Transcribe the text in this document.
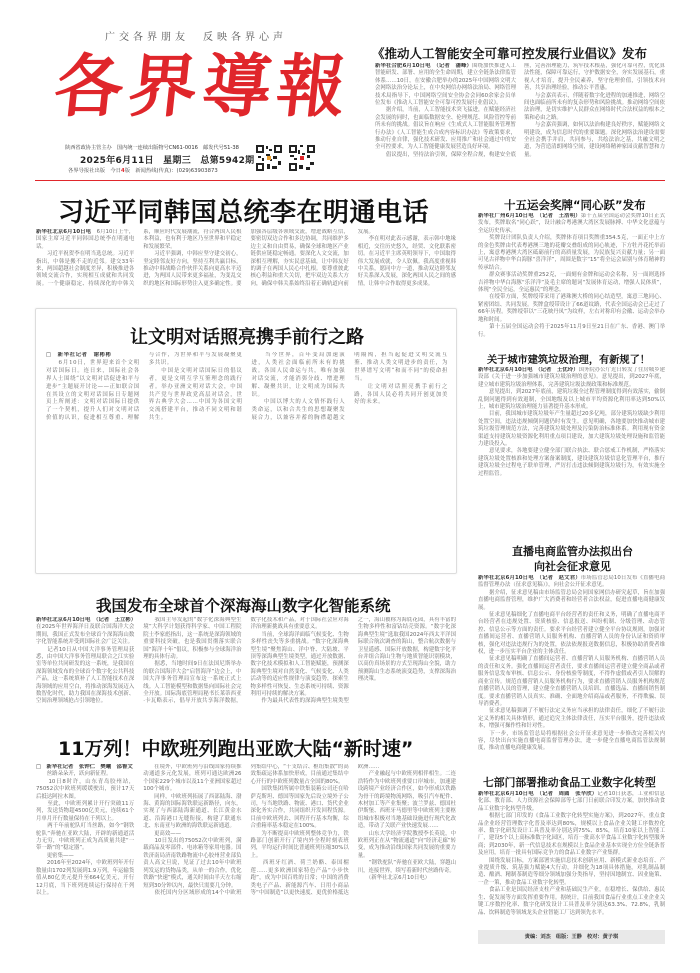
广交各界朋友　反映各界心声
各界導報
陕西省政协主管主办　国内统一连续出版物号CN61-0016　邮发代号51-38
2025年6月11日　星期三　总第5942期
各界导报社出版　 今日4版　 新闻热线(传真)：(029)63903873
《推动人工智能安全可靠可控发展行业倡议》发布
新华社合肥6月10日电　（记者　潘峰）围绕加快推进人工智能研发、部署、应用的全生命周期，建立全链条法律监管体系……10日，在安徽合肥举办的2025年中国网络文明大会网络法治分论坛上，在中央网信办网络法治局、网络管理技术局指导下，中国网络空间安全协会会同60余家会员单位发布《推动人工智能安全可靠可控发展行业倡议》。
　　据介绍，当前，人工智能技术突飞猛进，在赋能经济社会发展的同时，也面临数据安全、伦理规范、风险管控等前所未有的挑战。倡议旨在响应《生成式人工智能服务管理暂行办法》《人工智能生成合成内容标识办法》等政策要求，推动行业自律，强化技术研发、应用推广和社会通过中的安全可控要求，为人工智能健康发展营造良好环境。
　　倡议提出，坚持法治引领，保障全程合规，构建安全底座，完善治理能力，筑牢技术根基，强化可靠可控，优化算法性能，保障可靠运行，守护数据安全，夯实发展基石，重视人才培育，提升全民素养，坚守伦理价值，引领技术向善，共享治理经验，推动公平普惠。
　　与会嘉宾表示，伴随着数字化进程的加速推进，网络空间也面临前所未有的复杂形势和风险挑战。推动网络空间依法治理，是切实维护人民群众在网络时代合法权益的根本之策和必由之路。
　　与会嘉宾强调，如何以法治构建良好秩序，赋能网络文明建设，成为信息时代的重要课题。深化网络法治建设需要全社会携手并肩，共同参与，共绘法治之基，共融文明之道，为营造清朗网络空间，建设网络精神家园贡献智慧和力量。
习近平同韩国总统李在明通电话
新华社北京6月10日电　6月10日上午，国家主席习近平同韩国总统李在明通电话。
　　习近平祝贺李在明当选总统。习近平指出，中韩是搬不走的近邻。建交33年来，两国超越社会制度差异，积极推进各领域交流合作，实现相互成就和共同发展。一个健康稳定、持续深化的中韩关系，顺应时代发展潮流，符合两国人民根本利益，也有利于地区乃至世界和平稳定和发展繁荣。
　　习近平强调，中韩应坚守建交初心，坚定睦邻友好方向，坚持互利共赢目标，推动中韩战略合作伙伴关系向更高水平迈进，为两国人民带来更多福祉，为变乱交织的地区和国际形势注入更多确定性。要加强各层级各领域交流，增进战略互信，要密切双边合作和多边协调，共同维护多边主义和自由贸易，确保全球和地区产业链供应链稳定畅通。要深化人文交流，加深相互理解，夯实民意基础，让中韩友好的调子在两国人民心中扎根。要尊重彼此核心利益和重大关切，把牢双边关系大方向，确保中韩关系始终沿着正确轨道向前发展。
　　李在明对此表示感谢，表示韩中地缘相近，交往历史悠久，经贸、文化联系密切。在习近平主席英明领导下，中国取得伟大发展成就，令人钦佩。我高度重视韩中关系，愿同中方一道，推动双边睦邻友好关系深入发展，深化两国人民之间的感情，让韩中合作取得更多成果。
让文明对话照亮携手前行之路
□　新华社记者　谢彬彬
　　6月10日，世界迎来首个文明对话国际日。连日来，国际社会各界人士围绕“以文明对话促进和平与进步”主题展开讨论——正如联合国在其设立的文明对话国际日专题网页上所阐述：文明对话国际日提供了一个契机，提升人们对文明对话价值的认识，促进相互尊重、理解与合作，为世界和平与发展凝聚更多共识。
　　中国是文明对话国际日的倡议者，更是文明互学互鉴理念的践行者。举办亚洲文明对话大会，中国共产党与世界政党高层对话会，世界古典学大会……中国为各国文明交流搭建平台，推动不同文明和谐共生。
　　当今世界，百年变局加速演进，人类社会面临前所未有的挑战。各国人民命运与共，唯有加强对话交流，才能消弭分歧、增进理解、凝聚共识，让文明成为国际共识。
　　中国以博大的人文情怀践行人类命运，以和合共生的思想凝聚发展合力，以兼容并蓄的胸襟超越文明隔阂，担当起促进文明交流互鉴、推动人类文明进步的责任，为世界谱写文明“和而不同”的使命担当。
　　让文明对话照亮携手前行之路，各国人民必将共同开创更加美好的未来。
我国发布全球首个深海海山数字化智能系统
新华社北京6月10日电　（记者　王立彬）在2025年世界海洋日及联合国海洋大会期间，我国正式发布全球首个深海海山数字化智能系统并受到国际社会广泛关注。
　　记者10日从中国大洋事务管理局获悉，由中国大洋事务管理局联合之江实验室等单位共同研发的这一系统，是我国在深海领域发布的全球首个数字化公共科技产品。这一系统填补了人工智能技术在深海领域的应用空白，将推动深海发展迈入数智化时代，助力我国在深海技术创新、空间治理领域抢占引领地位。
　　我国主导发起的“数字化深海典型生境”大科学计划获得科学家、中国工程院院士李家彪指出，这一系统是深海领域的重要科技突破，也是我国贯彻落实联合国“海洋十年”倡议，积极参与全球海洋治理的具体行动。
　　据悉，当地时间9日在法国尼斯举办的联合国海洋大会“启智海洋”边会上，中国大洋事务管理局宣布这一系统正式上线。人工智能模型和数据集向国际社会完全开放。国际海底管理局秘书长莱蒂西亚·卡瓦略表示，倡导开放共享海洋数据，数字化技术和产品，对于国际社会应对海洋治理新挑战具有重要意义。
　　当前，全球海洋面临气候变化、生物多样性丧失等多重挑战。“数字化深海典型生境”聚焦海山、洋中脊、大陆坡、平顶等深海典型生境类型，通过开放数据、数字化技术模拟和人工智能赋能，预测深海典型生境对自然变化、气候变化、人类活动等的适应性规律与演变趋势，探索生物多样性可恢复、生态系统可持续、资源利用可持续的解决方案。
　　作为最具代表性的深海典型生境类型之一，海山被称为海底花园，具有丰富的生物多样性和富钴结壳资源。“数字化深海典型生境”选取我国2024年西太平洋国际联合航次调查的海山，整合航次数据与卫星遥感、国际开放数据，构建数字化平台并组合海山生物与地质智能识别模块，以高仿真场景的方式呈现海山全貌，助力预测海山生态系统演变趋势，支撑深海治理决策。
11万列！中欧班列跑出亚欧大陆“新时速”
□　新华社记者　张钟仁　樊曦　邵鲁文
　　丝路朵朵开，跃向新征程。
　　10日8时许，山东青岛胶州站，75052次中欧班列缓缓驶出，预计17天后抵达阿拉木图。
　　至此，中欧班列累计开行突破11万列，发送货物超4500亿美元，连续61个月单月开行数量保持在千列以上。
　　两千年前驼队叮当丝路，如今“钢铁驼队”奔驰在亚欧大陆，开辟的新通道活力无穷，中欧班列正成为高质量共建“一带一路”的“稳定器”。
　　更密集——
　　2016年至2024年，中欧班列年开行数量由1702列发展到1.9万列，年运输货值从80亿美元提升至664亿美元，开行12月底，当下班列连续运行保持在千列以上。
　　在境外，中欧班列与沿线国家持续推动通道多元化发展，班列可通达欧洲26个国家229个城市以及11个亚洲国家超过100个城市。
　　同样，中欧班列拓展了西部陆海、渤海、黄海的国际海铁联运新路径，向东，实现了与西部陆海新通道、长江黄金水道、沿海港口无缝衔接，构建了联通东北、东南亚与欧洲的海铁联运新通道。
　　更高效——
　　10日发出的75052次中欧班列，满载商品及零部件、电冰箱等家用电器。国铁济南局济南铁路物流中心胶州营业部负责人高文旦说，见证了过去10年中欧班列发运的货物品类，从单一的合作，优化铁路“快速”模式，通关时间由半天左右缩短到30分钟以内，最快只需要几分钟。
　　依托国内分区域形成的14个中欧班列集结中心，“干支结合、枢纽集散”的高效集疏运体系加快形成，目前通过集结中心开行的中欧班列数量占全国的80%。
　　国铁集团所属中铁集装箱公司还在哈萨克斯坦、德国等国家先后设立境外子公司，与当地铁路、物流、港口、货代企业深化务实合作，共同组织开发回程货源。目前中欧班列去、回程开行基本均衡，综合重箱率基本稳定在100%。
　　为不断提高中欧班列整体竞争力，铁路部门创新开行了境内外全程时刻表班列，平均运行时间比普通班列压缩30%以上。
　　西班牙红酒、荷兰奶酪、泰国榴莲……更多欧洲国家特色产品“小步快跑”，成为中国百姓的日常；中国的消费类电子产品、新能源汽车、日用小商品等“中国制造”以更快速度、更优价格抵达欧洲……
　　产业融起与中欧班列相伴相生。二连浩特作为中欧班列重要口岸城市，加速建设跨境产业经济合作区，如今形成以铁路为骨干的跨境物流网络，吸引汽车配件、木材加工等产业集聚；波兰罗兹、德国杜伊斯堡、西班牙马德里等中欧班列主要枢纽城市积极对当地基础设施进行现代化改造，带动了关联产业快速发展……
　　山东大学经济学院教授李长英说，中欧班列正在从“物流通道”向“经济走廊”转变，成为推动沿线国家共同发展的重要力量。
　　“钢铁驼队”奔驰在亚欧大陆，穿越山川，连接世界，续写着新时代丝路传奇。
　　（新华社北京6月10日电）
十五运会奖牌“同心跃”发布
新华社广州6月10日电　（记者　王浩明）第十五届全国运动会奖牌10日正式发布，奖牌取名“同心跃”，设计融合粤港澳大湾区发展脉搏、中华文化意蕴与全运历史传承。
　　奖牌设计团队负责人介绍，奖牌体育项目奖牌重354.5克，一面正中上方的金色奖牌由代表粤港澳三地的花瓣交叠组成的同心轨迹，下方牡丹花托举而上，寓意粤港澳大湾区砥砺前行的高质量发展，为民族复兴贡献力量；另一面可见古祥物中华白海豚“喜洋洋”，周围是数字“15”将全运会届别与体育精神的传承结合。
　　群众赛事活动奖牌重252克，一面刻有金牌和运动会名称，另一面则选择吉祥物中华白海豚“乐洋洋”及毛主席的题词“发展体育运动，增强人民体质”，体现“全民全运，全运惠民”的理念。
　　在绶带方面，奖牌绶带采用了港珠澳大桥的同心结造型，寓意三地同心、紧密团结、共同发展。奖牌盒绶带设计了66道纹路，代表全国运动会已走过了66年历程。奖牌绶带以“三花映丹凤”为纹样，左右对称印有会徽、运动会举办地和时间。
　　第十五届全国运动会将于2025年11月9日至21日在广东、香港、澳门举行。
关于城市建筑垃圾治理，有新规了！
新华社北京6月10日电　（记者　王优玲）国务院办公厅近日转发了住房城乡建设部《关于进一步加强城市建筑垃圾治理的意见》。意见提出，到2027年底，建立城市建筑垃圾治理体系，完善建筑垃圾法规政策和标准规范。
　　意见提出，到2027年底前，建筑垃圾全过程管理制度得到有效落实，偷倒乱倒问题得到有效遏制，全国地级及以上城市平均资源化利用率达到50%以上，城市建筑垃圾治理能力显著提升基本形成。
　　目前，我国城市建筑垃圾年产生量超过20多亿吨，部分建筑垃圾缺少利用处置空间，违法违规倾倒问题仍时有发生。意见明确，各地要加快推动城市建筑垃圾管理规范方法，完善建筑垃圾处理及污染防治标准体系。利用现有资金渠道支持建筑垃圾资源化利用重点项目建设，加大建筑垃圾处理设施和监管能力建设投入。
　　意见要求，各地要建立健全部门联合执法、联合惩戒工作机制，严格落实建筑垃圾处置核准和处理方案备案制度，建设建筑垃圾信息化管理平台，推行建筑垃圾全过程电子联单管理，严厉打击违法倾倒建筑垃圾行为，有效实施全过程监管。
直播电商监管办法拟出台
向社会征求意见
新华社北京6月10日电　（记者　赵文君）市场监管总局10日发布《直播电商监督管理办法（征求意见稿）》，向社会公开征求意见。
　　据介绍，征求意见稿由市场监管总局会同国家网信办研究起草，旨在加强直播电商监督管理，维护广大消费者和经营者合法权益，促进直播电商健康发展。
　　征求意见稿细化了直播电商平台经营者的责任和义务，明确了直播电商平台经营者在违规处置、资质核验、信息报送、纠纷机制、分级管理、动态管控、信息公示等方面的责任。要求平台经营者建立健全平台协议规则，加强对直播间运营者、直播营销人员服务机构、直播营销人员的身份认证和资质审核，强化对违法违规行为的处置，依法依规报送数据信息，积极协助消费者维权，进一步压实平台企业的主体责任。
　　征求意见稿明确了直播间运营者、直播营销人员服务机构、直播营销人员的责任和义务。强化直播间运营者责任，要求直播间运营者建立健全商品或者服务信息发布审核、信息公示、身份核验等制度，不得作虚假或者引人误解的商业宣传。规范直播营销人员服务机构行为，要求直播营销人员服务机构规范直播营销人员的管理，建立健全直播营销人员培训、直播选品、直播间销售制度。要求直播营销人员真实、准确、全面地介绍商品或者服务，不得欺骗、误导消费者。
　　征求意见稿强调了不履行法定义务应当承担的法律责任，细化了不履行法定义务的相关具体情形，通过追究主体法律责任，压实平台服务，提升违法成本，增强可操作性和针对性。
　　下一步，市场监管总局将根据社会公开征求意见进一步修改完善相关内容，尽快出台实施直播电商监督管理办法，进一步健全直播电商监管法规制度，推动直播电商健康发展。
七部门部署推动食品工业数字化转型
新华社北京6月10日电　（记者　周圆　张辛欣）记者10日获悉，工业和信息化部、教育部、人力资源社会保障部等七部门日前联合印发方案，加快推动食品工业数字化转型升级。
　　根据七部门印发的《食品工业数字化转型实施方案》，到2027年，重点食品企业经营管理数字化普及率达到80%，规模以上食品企业关键工序数控化率、数字化研发设计工具普及率分别达到75%、85%，培育10家以上智能工厂，建设5个以上高标准数字化园区，培育一批高水平食品工业数字化转型服务商；到2030年，新一代信息技术在规模以上食品企业基本实现全方位全链条普及应用，培育一批具有国际竞争力的食品工业数字产业集群。
　　围绕发展目标，方案部署实施信息技术创新应用、新模式新业态培育、产业提质升级、筑基强力赋能4大行动，并细化为18项具体措施，对乳制品制造、酿酒、精制茶制造等细分领域加强分类指导，坚持因地制宜、因业施策、一企一策，推动食品工业数字化转型。
　　食品工业是国民经济支柱产业和基础民生产业，在稳增长、保供给、惠民生、促发展等方面发挥重要作用。据统计，目前我国食品行业重点工业企业关键工序数控化率、数字化研发设计工具普及率分别达63.3%、72.8%，乳制品、饮料制造等领域龙头企业智能工厂达到领先水平。
责编：刘杰　组版：王静　校对：黄子琪
